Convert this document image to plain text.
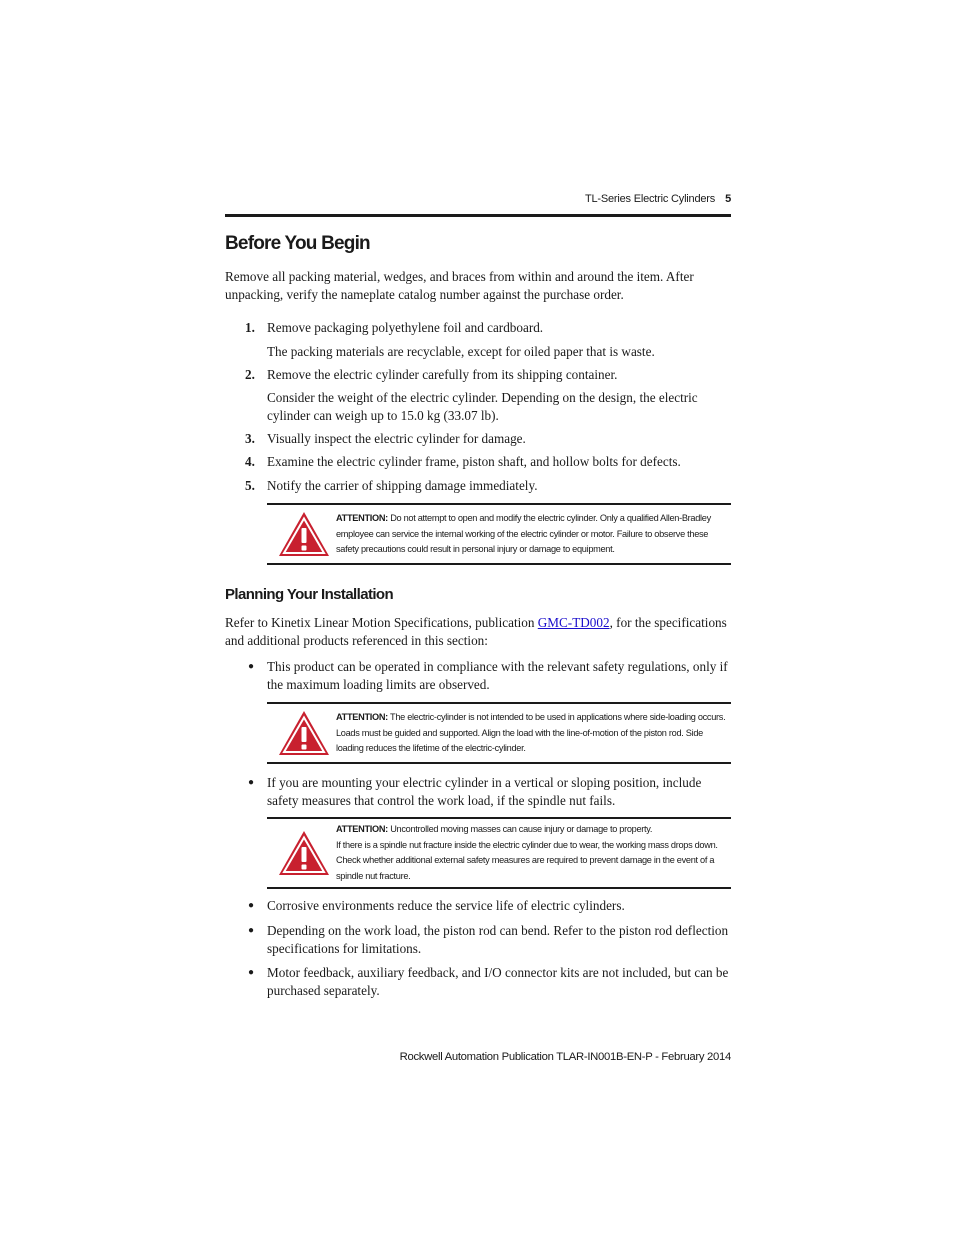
TL-Series Electric Cylinders 5
Before You Begin

Remove all packing material, wedges, and braces from within and around the item. After unpacking, verify the nameplate catalog number against the purchase order.

1. Remove packaging polyethylene foil and cardboard.

The packing materials are recyclable, except for oiled paper that is waste.

2. Remove the electric cylinder carefully from its shipping container.

Consider the weight of the electric cylinder. Depending on the design, the electric cylinder can weigh up to 15.0 kg (33.07 lb).

3. Visually inspect the electric cylinder for damage.
4. Examine the electric cylinder frame, piston shaft, and hollow bolts for defects.
5. Notify the carrier of shipping damage immediately.
ATTENTION: Do not attempt to open and modify the electric cylinder. Only a qualified Allen-Bradley employee can service the internal working of the electric cylinder or motor. Failure to observe these safety precautions could result in personal injury or damage to equipment.
Planning Your Installation

Refer to Kinetix Linear Motion Specifications, publication GMC-TD002, for the specifications and additional products referenced in this section:

● This product can be operated in compliance with the relevant safety regulations, only if the maximum loading limits are observed.
ATTENTION: The electric-cylinder is not intended to be used in applications where side-loading occurs. Loads must be guided and supported. Align the load with the line-of-motion of the piston rod. Side loading reduces the lifetime of the electric-cylinder.
● If you are mounting your electric cylinder in a vertical or sloping position, include safety measures that control the work load, if the spindle nut fails.
ATTENTION: Uncontrolled moving masses can cause injury or damage to property.
If there is a spindle nut fracture inside the electric cylinder due to wear, the working mass drops down. Check whether additional external safety measures are required to prevent damage in the event of a spindle nut fracture.
● Corrosive environments reduce the service life of electric cylinders.
● Depending on the work load, the piston rod can bend. Refer to the piston rod deflection specifications for limitations.
● Motor feedback, auxiliary feedback, and I/O connector kits are not included, but can be purchased separately.
Rockwell Automation Publication TLAR-IN001B-EN-P - February 2014
